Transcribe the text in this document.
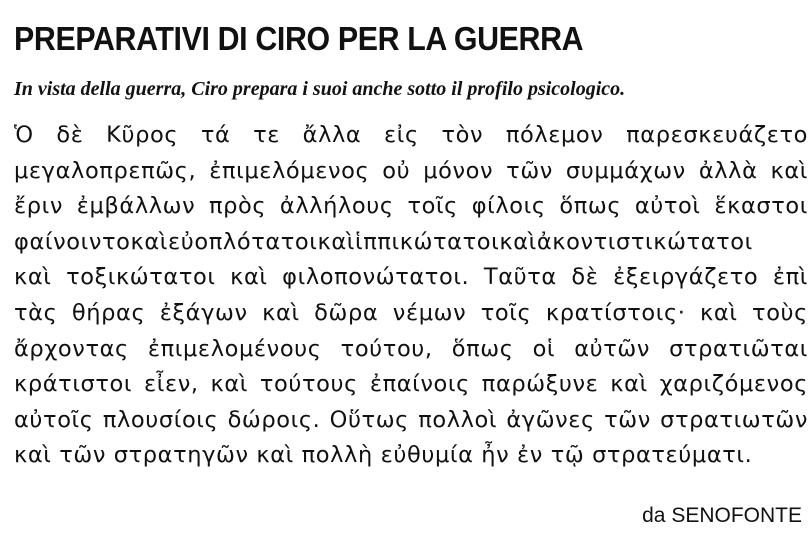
PREPARATIVI DI CIRO PER LA GUERRA

In vista della guerra, Ciro prepara i suoi anche sotto il profilo psicologico.

Ὁ δὲ Κῦρος τά τε ἄλλα εἰς τὸν πόλεμον παρεσκευάζετο
μεγαλοπρεπῶς, ἐπιμελόμενος οὐ μόνον τῶν συμμάχων ἀλλὰ καὶ
ἔριν ἐμβάλλων πρὸς ἀλλήλους τοῖς φίλοις ὅπως αὐτοὶ ἕκαστοι
φαίνοιντοκαὶεὐοπλότατοικαὶἱππικώτατοικαὶἀκοντιστικώτατοι
καὶ τοξικώτατοι καὶ φιλοπονώτατοι. Ταῦτα δὲ ἐξειργάζετο ἐπὶ
τὰς θήρας ἐξάγων καὶ δῶρα νέμων τοῖς κρατίστοις· καὶ τοὺς
ἄρχοντας ἐπιμελομένους τούτου, ὅπως οἱ αὐτῶν στρατιῶται
κράτιστοι εἶεν, καὶ τούτους ἐπαίνοις παρώξυνε καὶ χαριζόμενος
αὐτοῖς πλουσίοις δώροις. Οὕτως πολλοὶ ἀγῶνες τῶν στρατιωτῶν
καὶ τῶν στρατηγῶν καὶ πολλὴ εὐθυμία ἦν ἐν τῷ στρατεύματι.

da SENOFONTE
